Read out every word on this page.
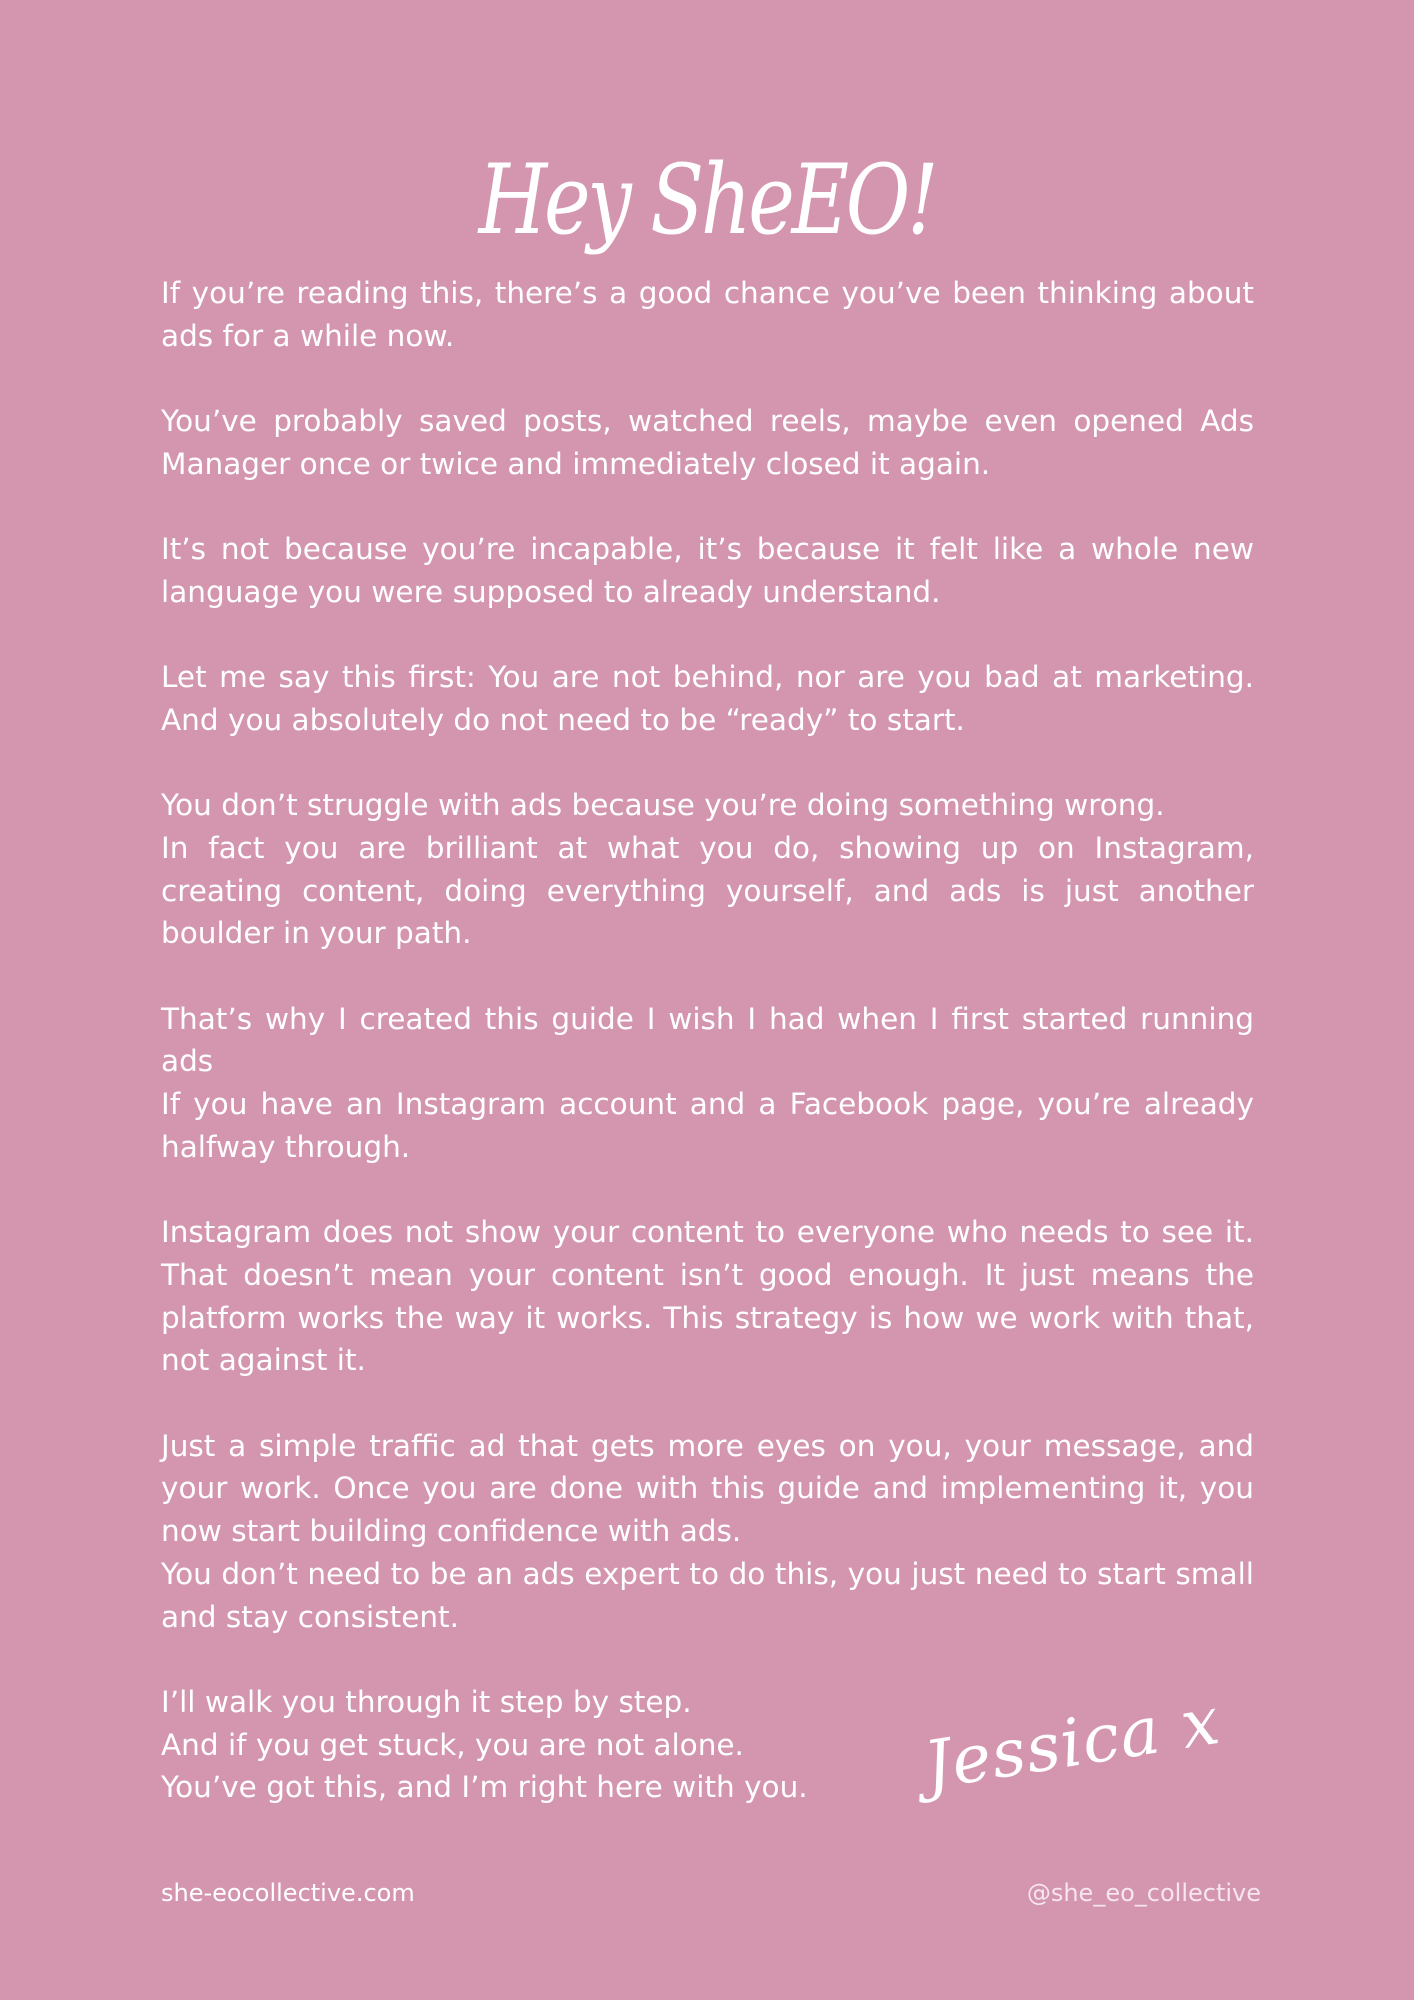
Hey SheEO!

If you’re reading this, there’s a good chance you’ve been thinking about ads for a while now.

You’ve probably saved posts, watched reels, maybe even opened Ads Manager once or twice and immediately closed it again.

It’s not because you’re incapable, it’s because it felt like a whole new language you were supposed to already understand.

Let me say this first: You are not behind, nor are you bad at marketing. And you absolutely do not need to be “ready” to start.

You don’t struggle with ads because you’re doing something wrong.
In fact you are brilliant at what you do, showing up on Instagram, creating content, doing everything yourself, and ads is just another boulder in your path.

That’s why I created this guide I wish I had when I first started running ads
If you have an Instagram account and a Facebook page, you’re already halfway through.

Instagram does not show your content to everyone who needs to see it. That doesn’t mean your content isn’t good enough. It just means the platform works the way it works. This strategy is how we work with that, not against it.

Just a simple traffic ad that gets more eyes on you, your message, and your work. Once you are done with this guide and implementing it, you now start building confidence with ads.
You don’t need to be an ads expert to do this, you just need to start small and stay consistent.

I’ll walk you through it step by step.
And if you get stuck, you are not alone.
You’ve got this, and I’m right here with you.	Jessica x
she-eocollective.com	@she_eo_collective
